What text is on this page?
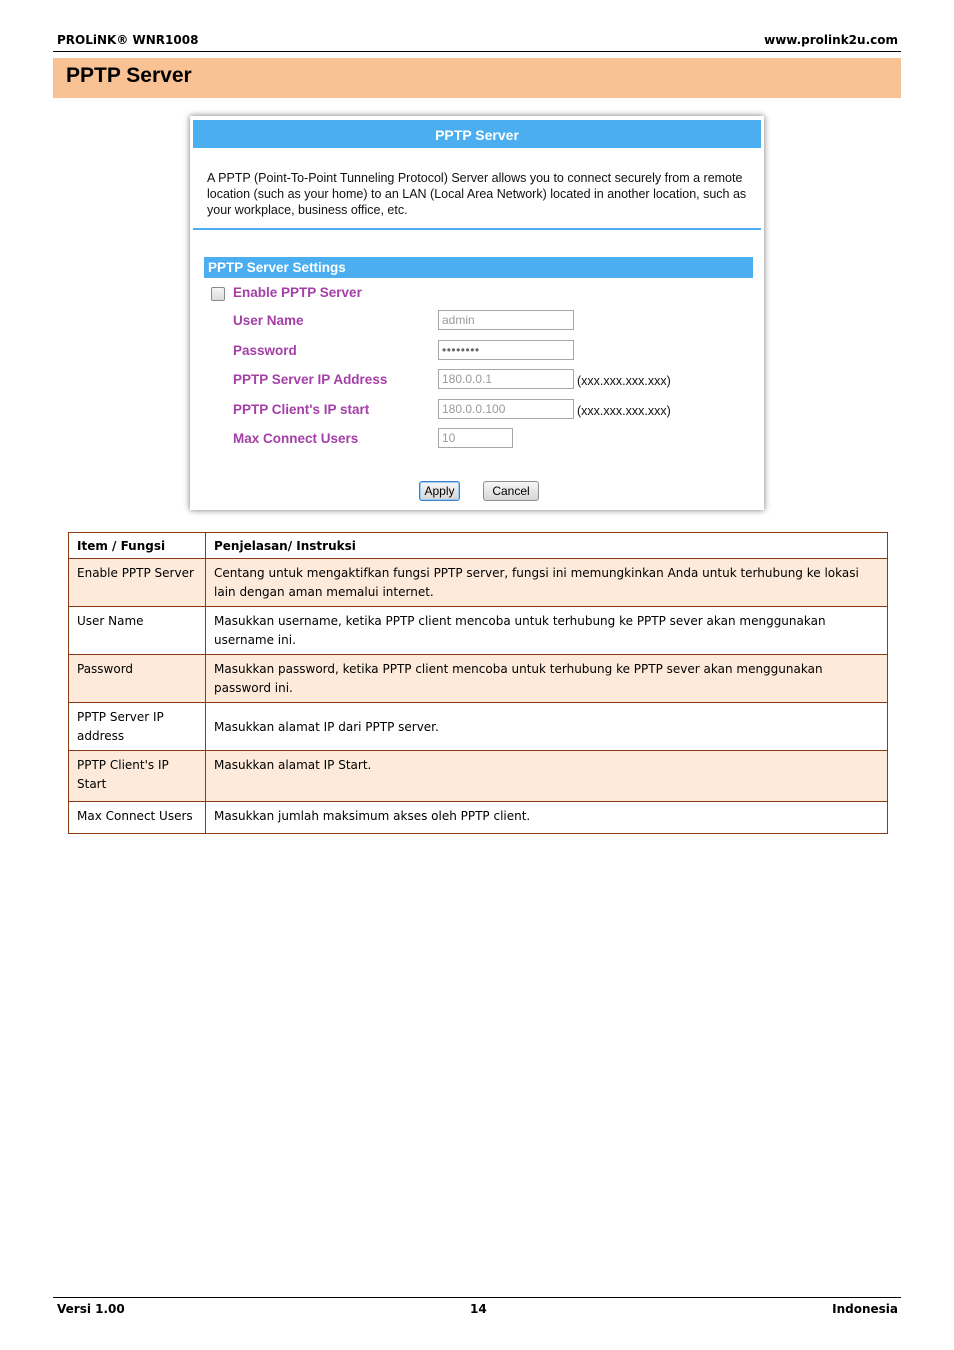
PROLiNK® WNR1008	www.prolink2u.com
PPTP Server
PPTP Server
A PPTP (Point-To-Point Tunneling Protocol) Server allows you to connect securely from a remote location (such as your home) to an LAN (Local Area Network) located in another location, such as your workplace, business office, etc.
PPTP Server Settings
Enable PPTP Server
User Name	admin
Password	••••••••
PPTP Server IP Address	180.0.0.1	(xxx.xxx.xxx.xxx)
PPTP Client's IP start	180.0.0.100	(xxx.xxx.xxx.xxx)
Max Connect Users	10
Apply	Cancel
Item / Fungsi	Penjelasan/ Instruksi
Enable PPTP Server	Centang untuk mengaktifkan fungsi PPTP server, fungsi ini memungkinkan Anda untuk terhubung ke lokasi lain dengan aman memalui internet.
User Name	Masukkan username, ketika PPTP client mencoba untuk terhubung ke PPTP sever akan menggunakan username ini.
Password	Masukkan password, ketika PPTP client mencoba untuk terhubung ke PPTP sever akan menggunakan password ini.
PPTP Server IP address	Masukkan alamat IP dari PPTP server.
PPTP Client's IP Start	Masukkan alamat IP Start.
Max Connect Users	Masukkan jumlah maksimum akses oleh PPTP client.
Versi 1.00	14	Indonesia
